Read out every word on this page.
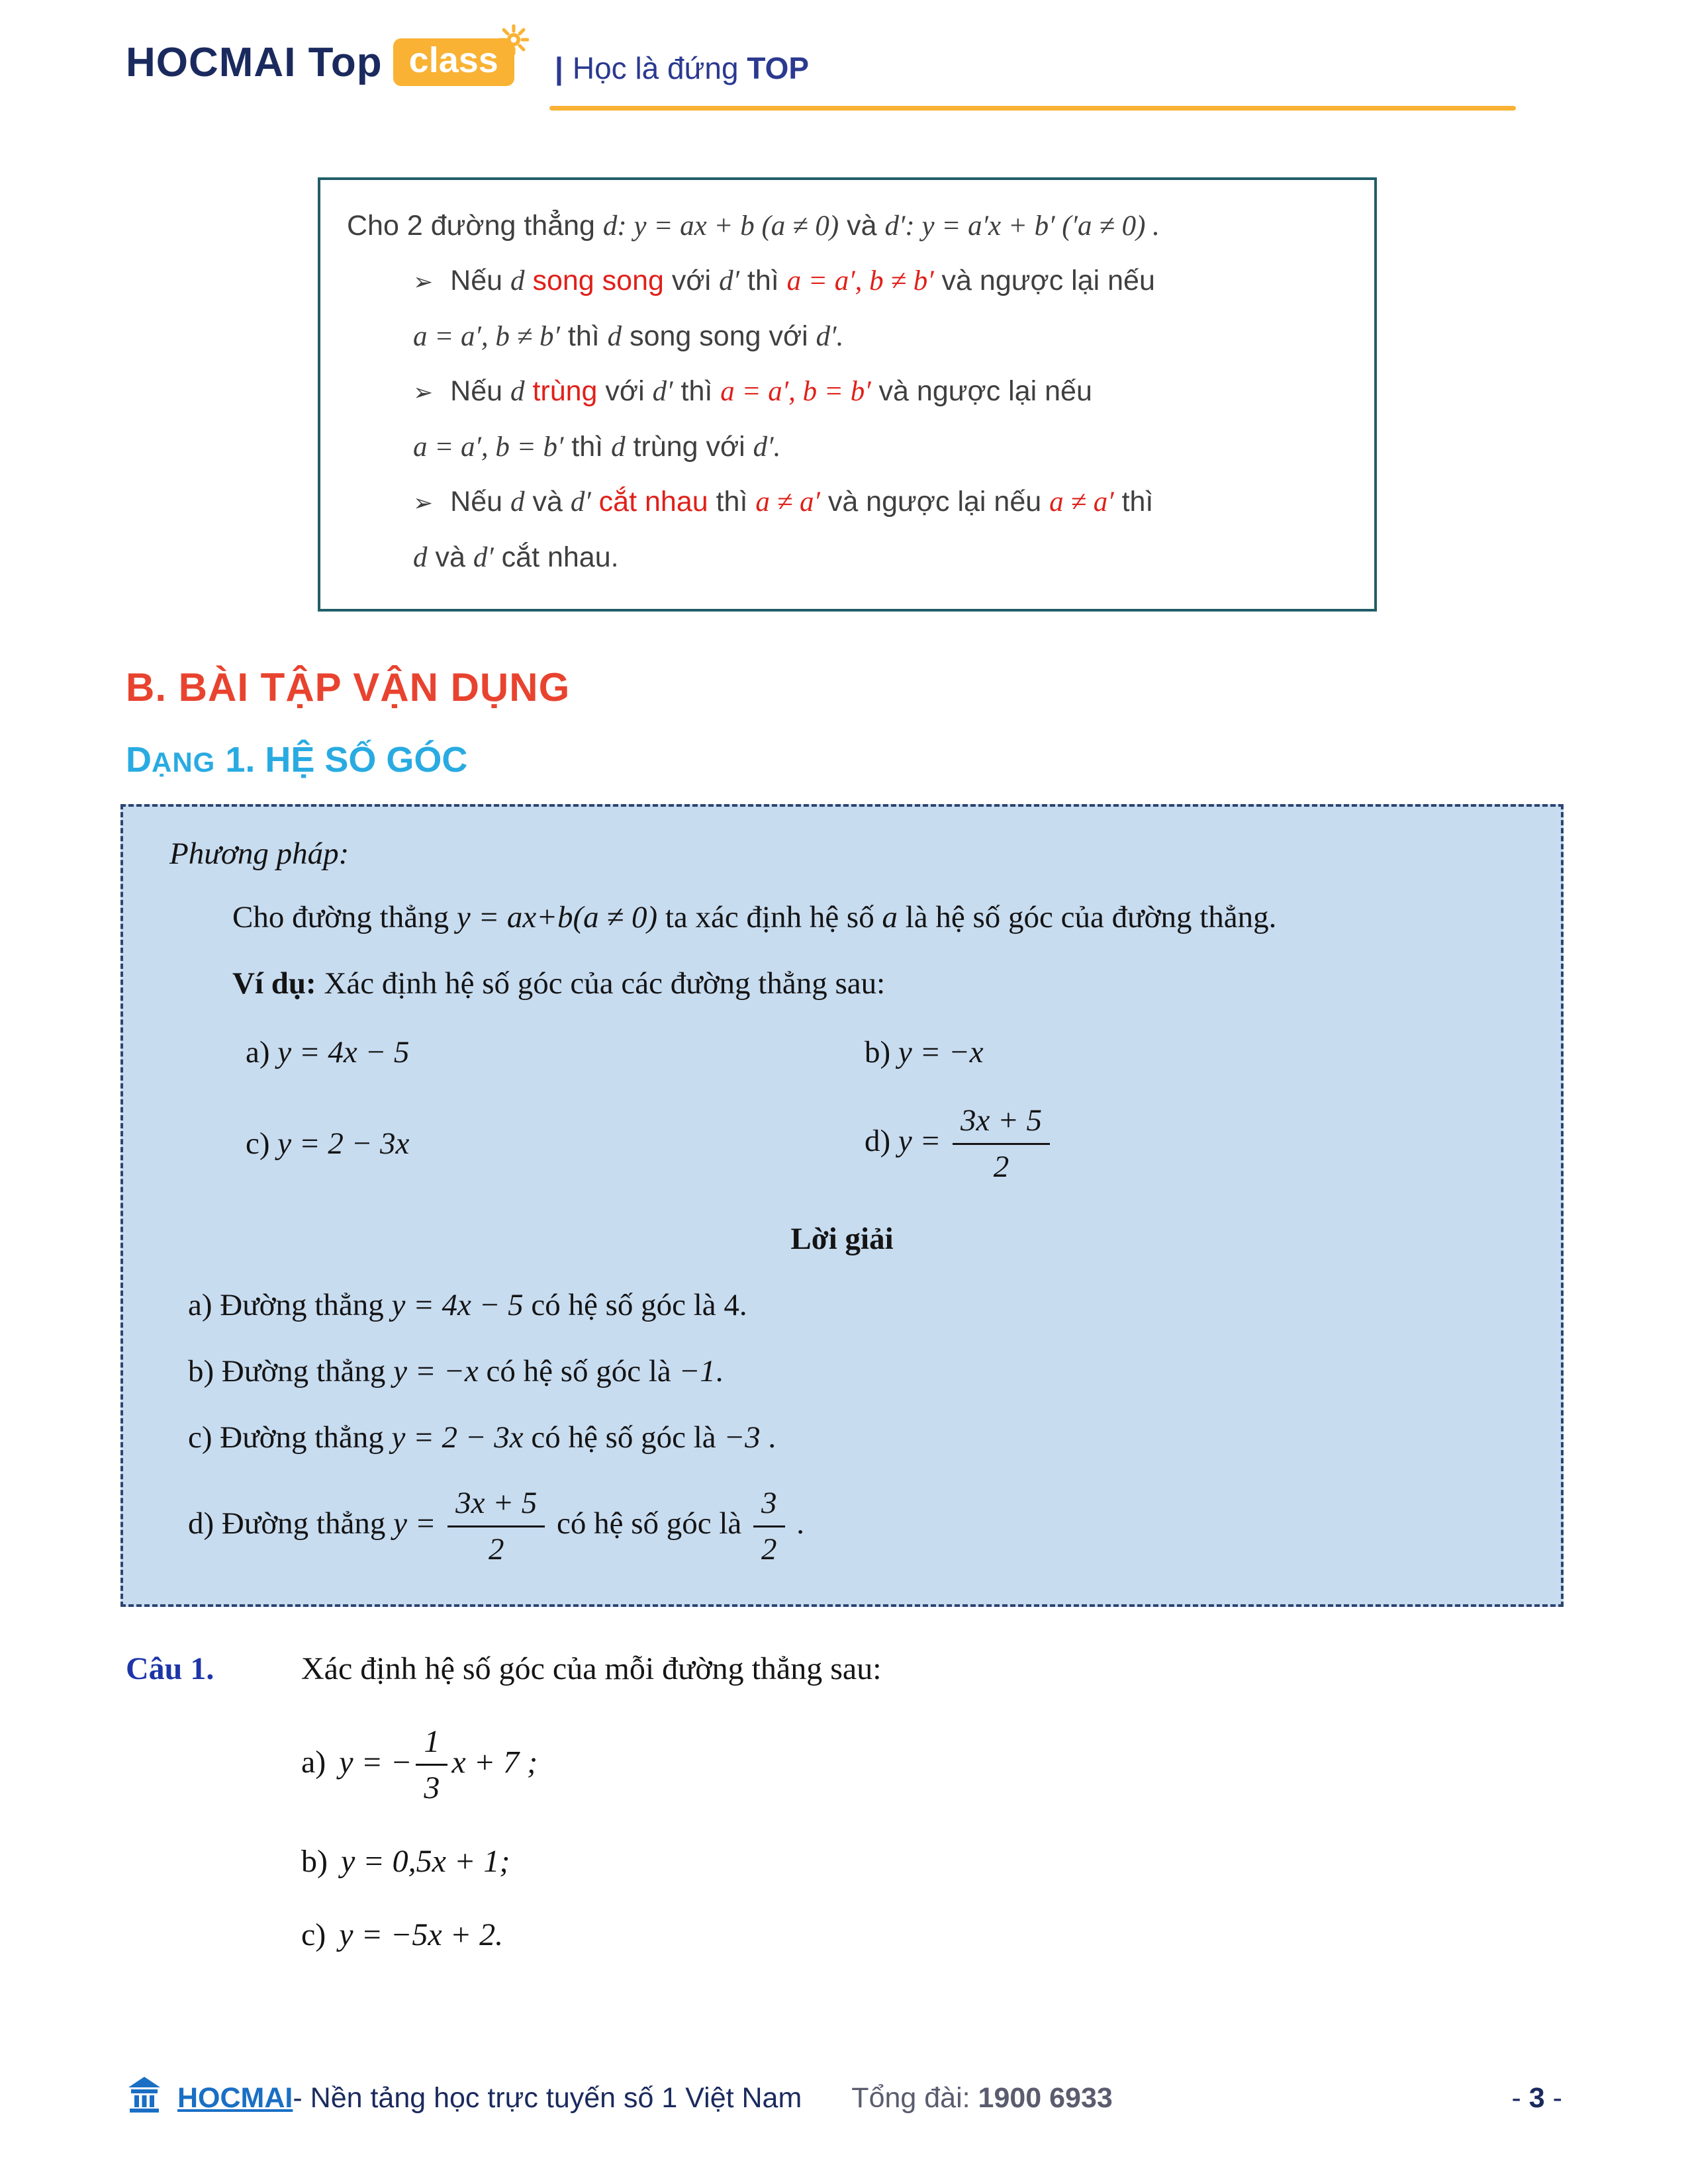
HOCMAI Top class	| Học là đứng TOP

Cho 2 đường thẳng d: y = ax + b (a ≠ 0) và d′: y = a′x + b′ (′a ≠ 0) .

➢ Nếu d song song với d′ thì a = a′, b ≠ b′ và ngược lại nếu

a = a′, b ≠ b′ thì d song song với d′.

➢ Nếu d trùng với d′ thì a = a′, b = b′ và ngược lại nếu

a = a′, b = b′ thì d trùng với d′.

➢ Nếu d và d′ cắt nhau thì a ≠ a′ và ngược lại nếu a ≠ a′ thì

d và d′ cắt nhau.

B. BÀI TẬP VẬN DỤNG
DẠNG 1. HỆ SỐ GÓC

Phương pháp:

Cho đường thẳng y = ax+b(a ≠ 0) ta xác định hệ số a là hệ số góc của đường thẳng.

Ví dụ: Xác định hệ số góc của các đường thẳng sau:

a) y = 4x − 5	b) y = −x
c) y = 2 − 3x	d) $y = \frac{3x + 5}{2}$

Lời giải

a) Đường thẳng y = 4x − 5 có hệ số góc là 4.

b) Đường thẳng y = −x có hệ số góc là −1.

c) Đường thẳng y = 2 − 3x có hệ số góc là −3 .

d) Đường thẳng $y = \frac{3x + 5}{2}$ có hệ số góc là $\frac{3}{2}$ .

Câu 1.	Xác định hệ số góc của mỗi đường thẳng sau:

a) y = − $\frac{1}{3}$ x + 7 ;

b) y = 0,5x + 1;

c) y = −5x + 2.

HOCMAI - Nền tảng học trực tuyến số 1 Việt Nam Tổng đài: 1900 6933	- 3 -
